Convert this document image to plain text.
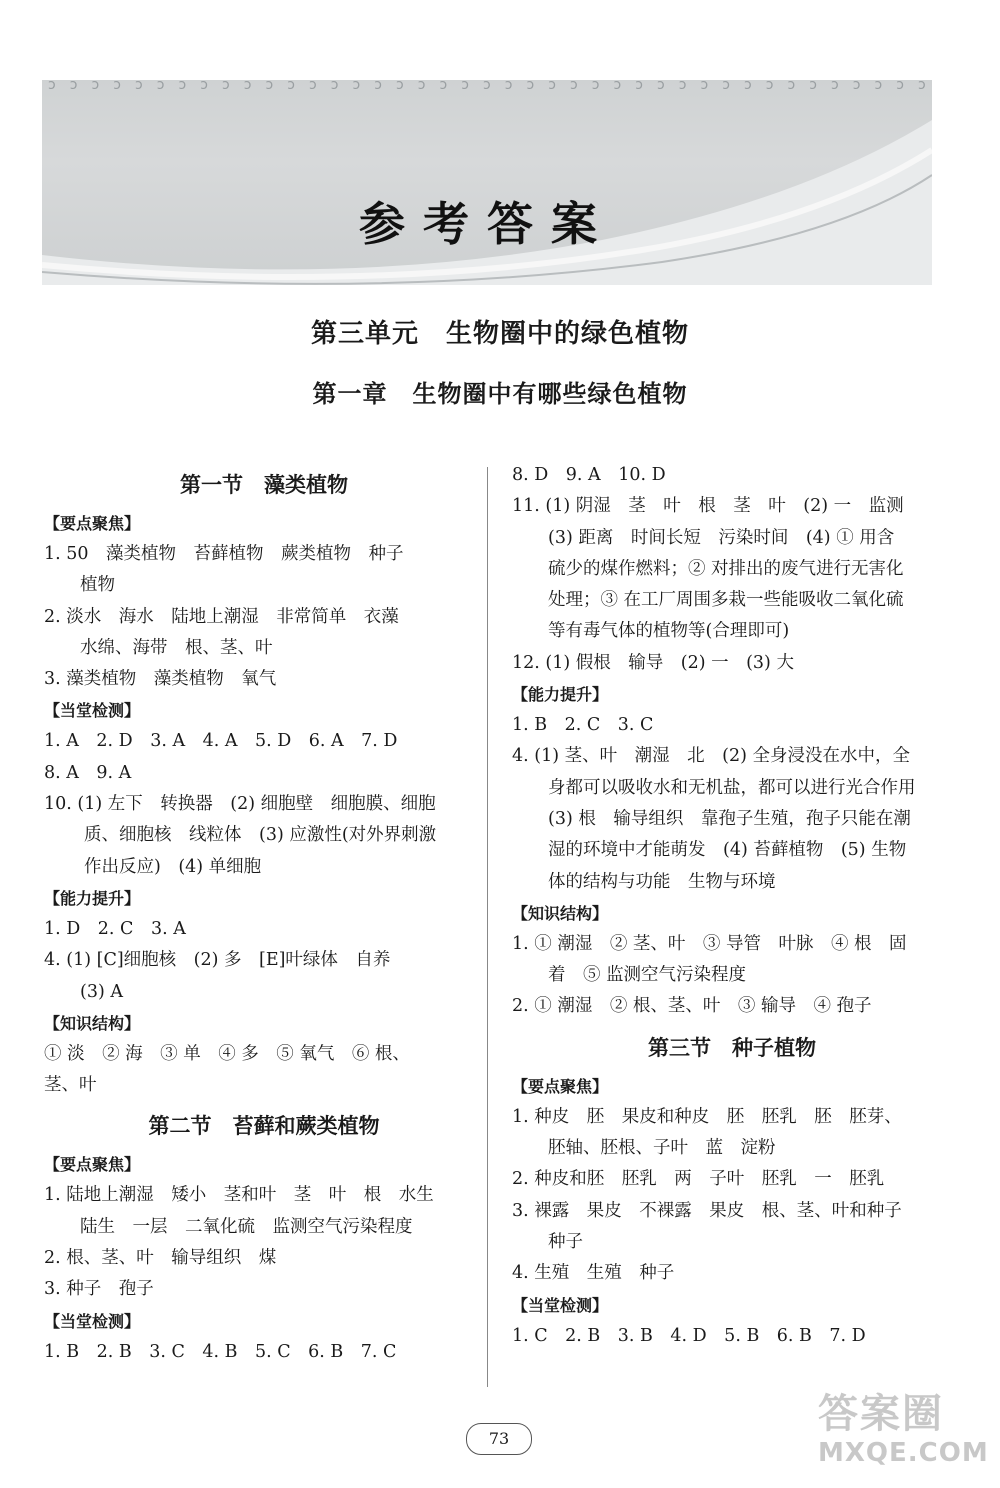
ɔ ɔ ɔ ɔ ɔ ɔ ɔ ɔ ɔ ɔ ɔ ɔ ɔ ɔ ɔ ɔ ɔ ɔ ɔ ɔ ɔ ɔ ɔ ɔ ɔ ɔ ɔ ɔ ɔ ɔ ɔ ɔ ɔ ɔ ɔ ɔ ɔ ɔ ɔ ɔ ɔ
参考答案
第三单元　生物圈中的绿色植物
第一章　生物圈中有哪些绿色植物
第一节　藻类植物
【要点聚焦】
1. 50　藻类植物　苔藓植物　蕨类植物　种子
植物
2. 淡水　海水　陆地上潮湿　非常简单　衣藻
水绵、海带　根、茎、叶
3. 藻类植物　藻类植物　氧气
【当堂检测】
1. A　2. D　3. A　4. A　5. D　6. A　7. D
8. A　9. A
10. (1) 左下　转换器　(2) 细胞壁　细胞膜、细胞
质、细胞核　线粒体　(3) 应激性(对外界刺激
作出反应)　(4) 单细胞
【能力提升】
1. D　2. C　3. A
4. (1) [C]细胞核　(2) 多　[E]叶绿体　自养
(3) A
【知识结构】
① 淡　② 海　③ 单　④ 多　⑤ 氧气　⑥ 根、
茎、叶
第二节　苔藓和蕨类植物
【要点聚焦】
1. 陆地上潮湿　矮小　茎和叶　茎　叶　根　水生
陆生　一层　二氧化硫　监测空气污染程度
2. 根、茎、叶　输导组织　煤
3. 种子　孢子
【当堂检测】
1. B　2. B　3. C　4. B　5. C　6. B　7. C
8. D　9. A　10. D
11. (1) 阴湿　茎　叶　根　茎　叶　(2) 一　监测
(3) 距离　时间长短　污染时间　(4) ① 用含
硫少的煤作燃料；② 对排出的废气进行无害化
处理；③ 在工厂周围多栽一些能吸收二氧化硫
等有毒气体的植物等(合理即可)
12. (1) 假根　输导　(2) 一　(3) 大
【能力提升】
1. B　2. C　3. C
4. (1) 茎、叶　潮湿　北　(2) 全身浸没在水中，全
身都可以吸收水和无机盐，都可以进行光合作用
(3) 根　输导组织　靠孢子生殖，孢子只能在潮
湿的环境中才能萌发　(4) 苔藓植物　(5) 生物
体的结构与功能　生物与环境
【知识结构】
1. ① 潮湿　② 茎、叶　③ 导管　叶脉　④ 根　固
着　⑤ 监测空气污染程度
2. ① 潮湿　② 根、茎、叶　③ 输导　④ 孢子
第三节　种子植物
【要点聚焦】
1. 种皮　胚　果皮和种皮　胚　胚乳　胚　胚芽、
胚轴、胚根、子叶　蓝　淀粉
2. 种皮和胚　胚乳　两　子叶　胚乳　一　胚乳
3. 裸露　果皮　不裸露　果皮　根、茎、叶和种子
种子
4. 生殖　生殖　种子
【当堂检测】
1. C　2. B　3. B　4. D　5. B　6. B　7. D
73
答案圈
MXQE.COM
